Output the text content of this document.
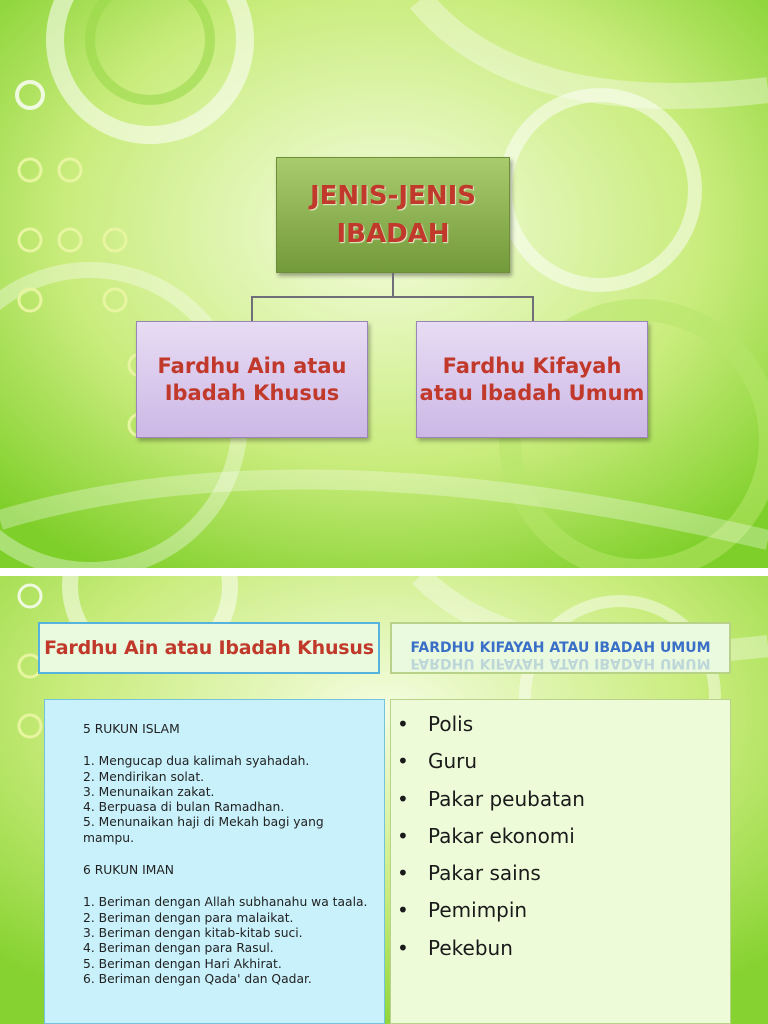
JENIS-JENIS
IBADAH
Fardhu Ain atau
Ibadah Khusus
Fardhu Kifayah
atau Ibadah Umum
Fardhu Ain atau Ibadah Khusus	FARDHU KIFAYAH ATAU IBADAH UMUM FARDHU KIFAYAH ATAU IBADAH UMUM
5 RUKUN ISLAM
1. Mengucap dua kalimah syahadah.
2. Mendirikan solat.
3. Menunaikan zakat.
4. Berpuasa di bulan Ramadhan.
5. Menunaikan haji di Mekah bagi yang mampu.
6 RUKUN IMAN
1. Beriman dengan Allah subhanahu wa taala.
2. Beriman dengan para malaikat.
3. Beriman dengan kitab-kitab suci.
4. Beriman dengan para Rasul.
5. Beriman dengan Hari Akhirat.
6. Beriman dengan Qada' dan Qadar.
• Polis
• Guru
• Pakar peubatan
• Pakar ekonomi
• Pakar sains
• Pemimpin
• Pekebun
